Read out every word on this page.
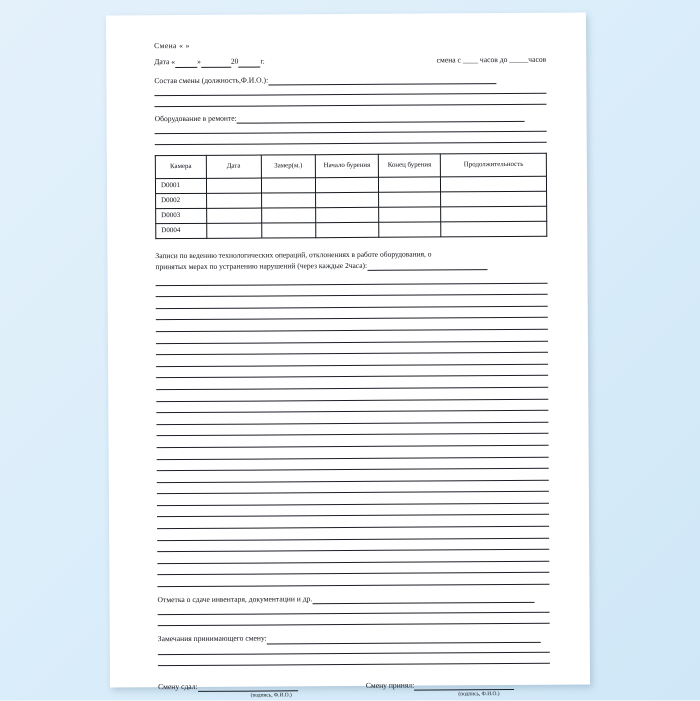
Смена « »
Дата «	»	20	г.	смена с ____ часов до _____часов
Состав смены (должность,Ф.И.О.):
Оборудование в ремонте:
Камера	Дата	Замер(м.)	Начало бурения	Конец бурения	Продолжительность
D0001					
D0002					
D0003					
D0004					
Записи по ведению технологических операций, отклонениях в работе оборудования, о
принятых мерах по устранению нарушений (через каждые 2часа):
Отметка о сдаче инвентаря, документации и др.
Замечания принимающего смену:
Смену сдал:
(подпись, Ф.И.О.)
Смену принял:
(подпись, Ф.И.О.)
